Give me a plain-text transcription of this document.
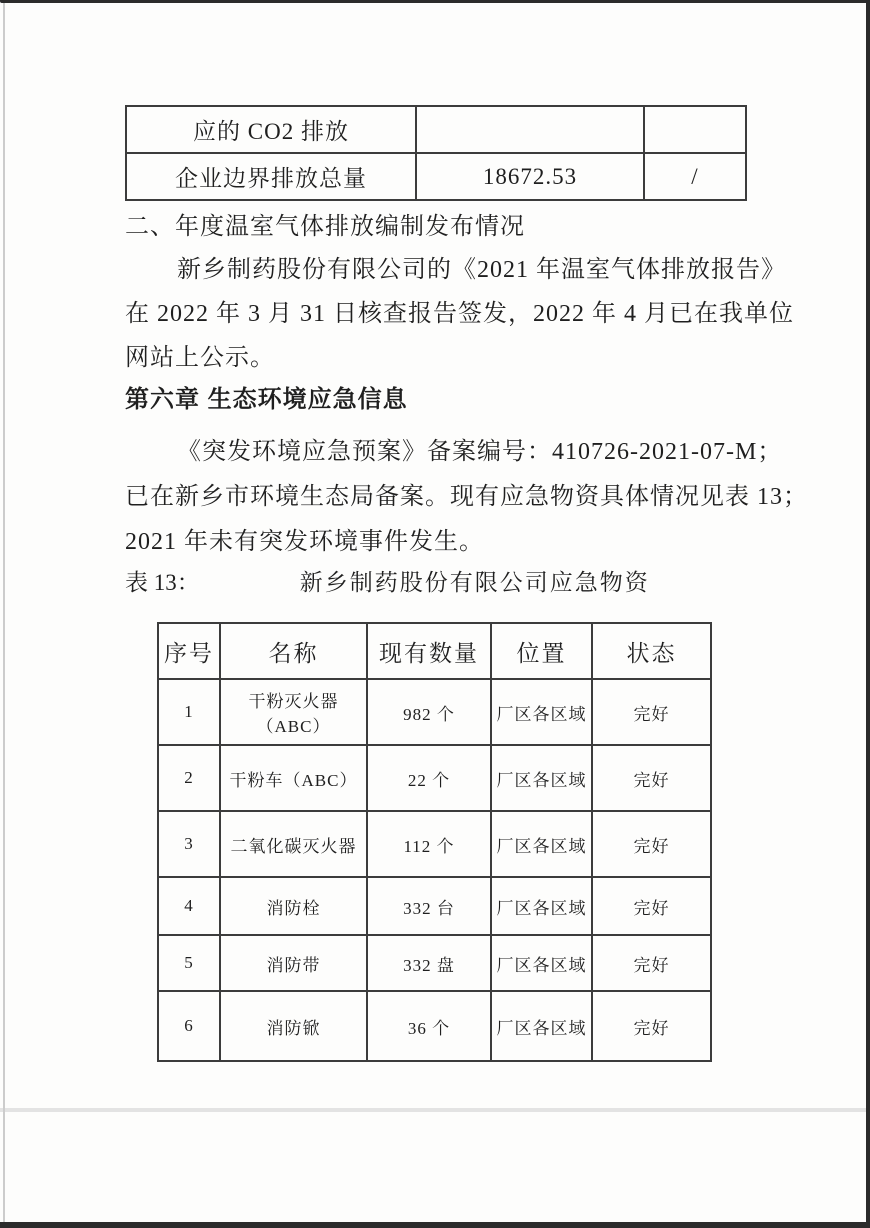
应的 CO2 排放		
企业边界排放总量	18672.53	/
二、年度温室气体排放编制发布情况
新乡制药股份有限公司的《2021 年温室气体排放报告》
在 2022 年 3 月 31 日核查报告签发，2022 年 4 月已在我单位
网站上公示。
第六章 生态环境应急信息
《突发环境应急预案》备案编号：410726-2021-07-M；
已在新乡市环境生态局备案。现有应急物资具体情况见表 13；
2021 年未有突发环境事件发生。
表 13：	新乡制药股份有限公司应急物资
序号	名称	现有数量	位置	状态
1	干粉灭火器（ABC）	982 个	厂区各区域	完好
2	干粉车（ABC）	22 个	厂区各区域	完好
3	二氧化碳灭火器	112 个	厂区各区域	完好
4	消防栓	332 台	厂区各区域	完好
5	消防带	332 盘	厂区各区域	完好
6	消防锨	36 个	厂区各区域	完好
